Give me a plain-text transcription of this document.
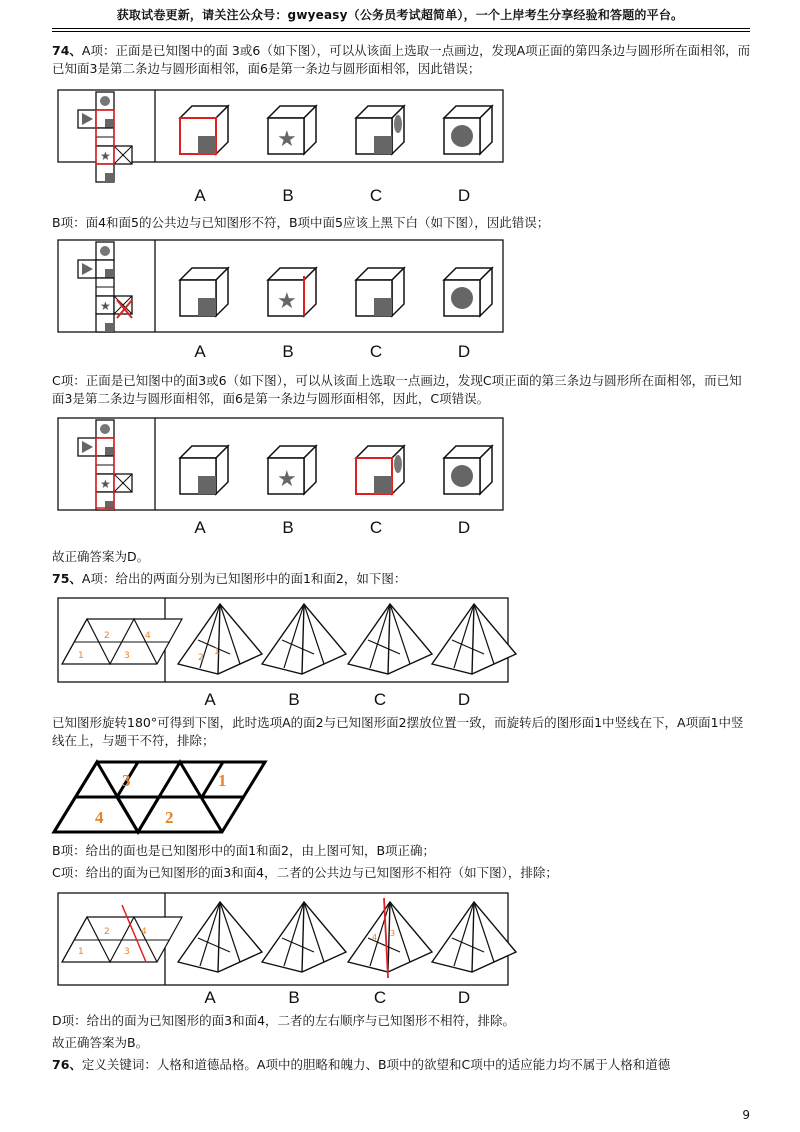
获取试卷更新，请关注公众号：gwyeasy（公务员考试超简单），一个上岸考生分享经验和答题的平台。
74、A项：正面是已知图中的面 3或6（如下图），可以从该面上选取一点画边，发现A项正面的第四条边与圆形所在面相邻，而已知面3是第二条边与圆形面相邻，面6是第一条边与圆形面相邻，因此错误；
B项：面4和面5的公共边与已知图形不符，B项中面5应该上黑下白（如下图），因此错误；
C项：正面是已知图中的面3或6（如下图），可以从该面上选取一点画边，发现C项正面的第三条边与圆形所在面相邻，而已知面3是第二条边与圆形面相邻，面6是第一条边与圆形面相邻，因此，C项错误。
故正确答案为D。
75、A项：给出的两面分别为已知图形中的面1和面2，如下图：
已知图形旋转180°可得到下图，此时选项A的面2与已知图形面2摆放位置一致，而旋转后的图形面1中竖线在下，A项面1中竖线在上，与题干不符，排除；
B项：给出的面也是已知图形中的面1和面2，由上图可知，B项正确；
C项：给出的面为已知图形的面3和面4，二者的公共边与已知图形不相符（如下图），排除；
D项：给出的面为已知图形的面3和面4，二者的左右顺序与已知图形不相符，排除。
故正确答案为B。
76、定义关键词：人格和道德品格。A项中的胆略和魄力、B项中的欲望和C项中的适应能力均不属于人格和道德
★
★
★
★
1
2
3
4
2
1
3	1
4	2
1
2
3
4
4 3
A	B	C	D
A	B	C	D
A	B	C	D
A	B	C	D
A	B	C	D
9
